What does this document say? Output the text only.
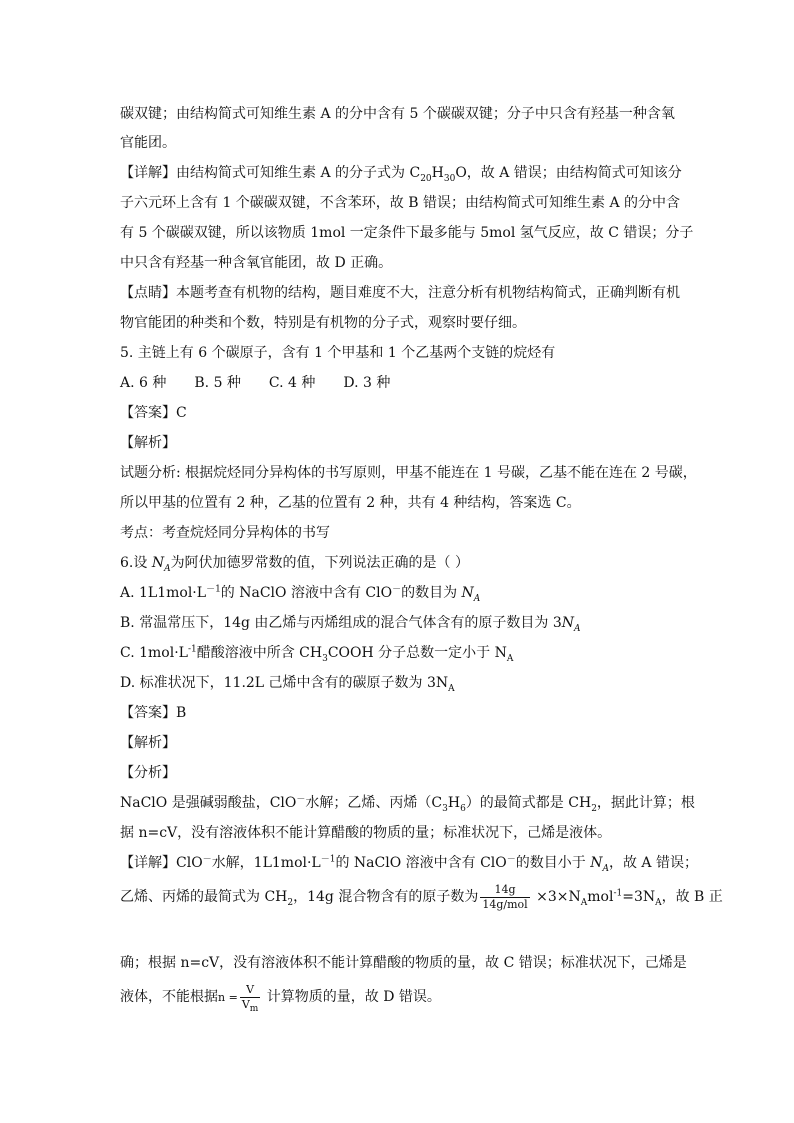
碳双键；由结构简式可知维生素 A 的分中含有 5 个碳碳双键；分子中只含有羟基一种含氧
官能团。
【详解】由结构简式可知维生素 A 的分子式为 $C_{20}H_{30}O$，故 A 错误；由结构简式可知该分
子六元环上含有 1 个碳碳双键，不含苯环，故 B 错误；由结构简式可知维生素 A 的分中含
有 5 个碳碳双键，所以该物质 1mol 一定条件下最多能与 5mol 氢气反应，故 C 错误；分子
中只含有羟基一种含氧官能团，故 D 正确。
【点睛】本题考查有机物的结构，题目难度不大，注意分析有机物结构简式，正确判断有机
物官能团的种类和个数，特别是有机物的分子式，观察时要仔细。
5. 主链上有 6 个碳原子，含有 1 个甲基和 1 个乙基两个支链的烷烃有
A. 6 种 B. 5 种 C. 4 种 D. 3 种
【答案】C
【解析】
试题分析: 根据烷烃同分异构体的书写原则，甲基不能连在 1 号碳，乙基不能在连在 2 号碳，
所以甲基的位置有 2 种，乙基的位置有 2 种，共有 4 种结构，答案选 C。
考点：考查烷烃同分异构体的书写
6.设 $N_A$为阿伏加德罗常数的值，下列说法正确的是（ ）
A. $1L1mol\cdot L^{-1}$的 NaClO 溶液中含有 ClO－的数目为 $N_A$
B. 常温常压下，14g 由乙烯与丙烯组成的混合气体含有的原子数目为 $3N_A$
C. $1mol\cdot L^{-1}$醋酸溶液中所含 $CH_3COOH$ 分子总数一定小于 $N_A$
D. 标准状况下，11.2L 己烯中含有的碳原子数为 $3N_A$
【答案】B
【解析】
【分析】
NaClO 是强碱弱酸盐，ClO－水解；乙烯、丙烯$(C_3H_6)$的最简式都是 $CH_2$，据此计算；根
据 n=cV，没有溶液体积不能计算醋酸的物质的量；标准状况下，己烯是液体。
【详解】ClO－水解，$1L1mol\cdot L^{-1}$的 NaClO 溶液中含有 ClO－的数目小于 $N_A$，故 A 错误；
乙烯、丙烯的最简式为 $CH_2$，14g 混合物含有的原子数为 $\frac{14g}{\text{14g/mol}} \times 3\times N_Amol^{-1}=3N_A$，故 B 正
确；根据 n=cV，没有溶液体积不能计算醋酸的物质的量，故 C 错误；标准状况下，己烯是
液体，不能根据$n = \frac{V}{V_m}$ 计算物质的量，故 D 错误。
